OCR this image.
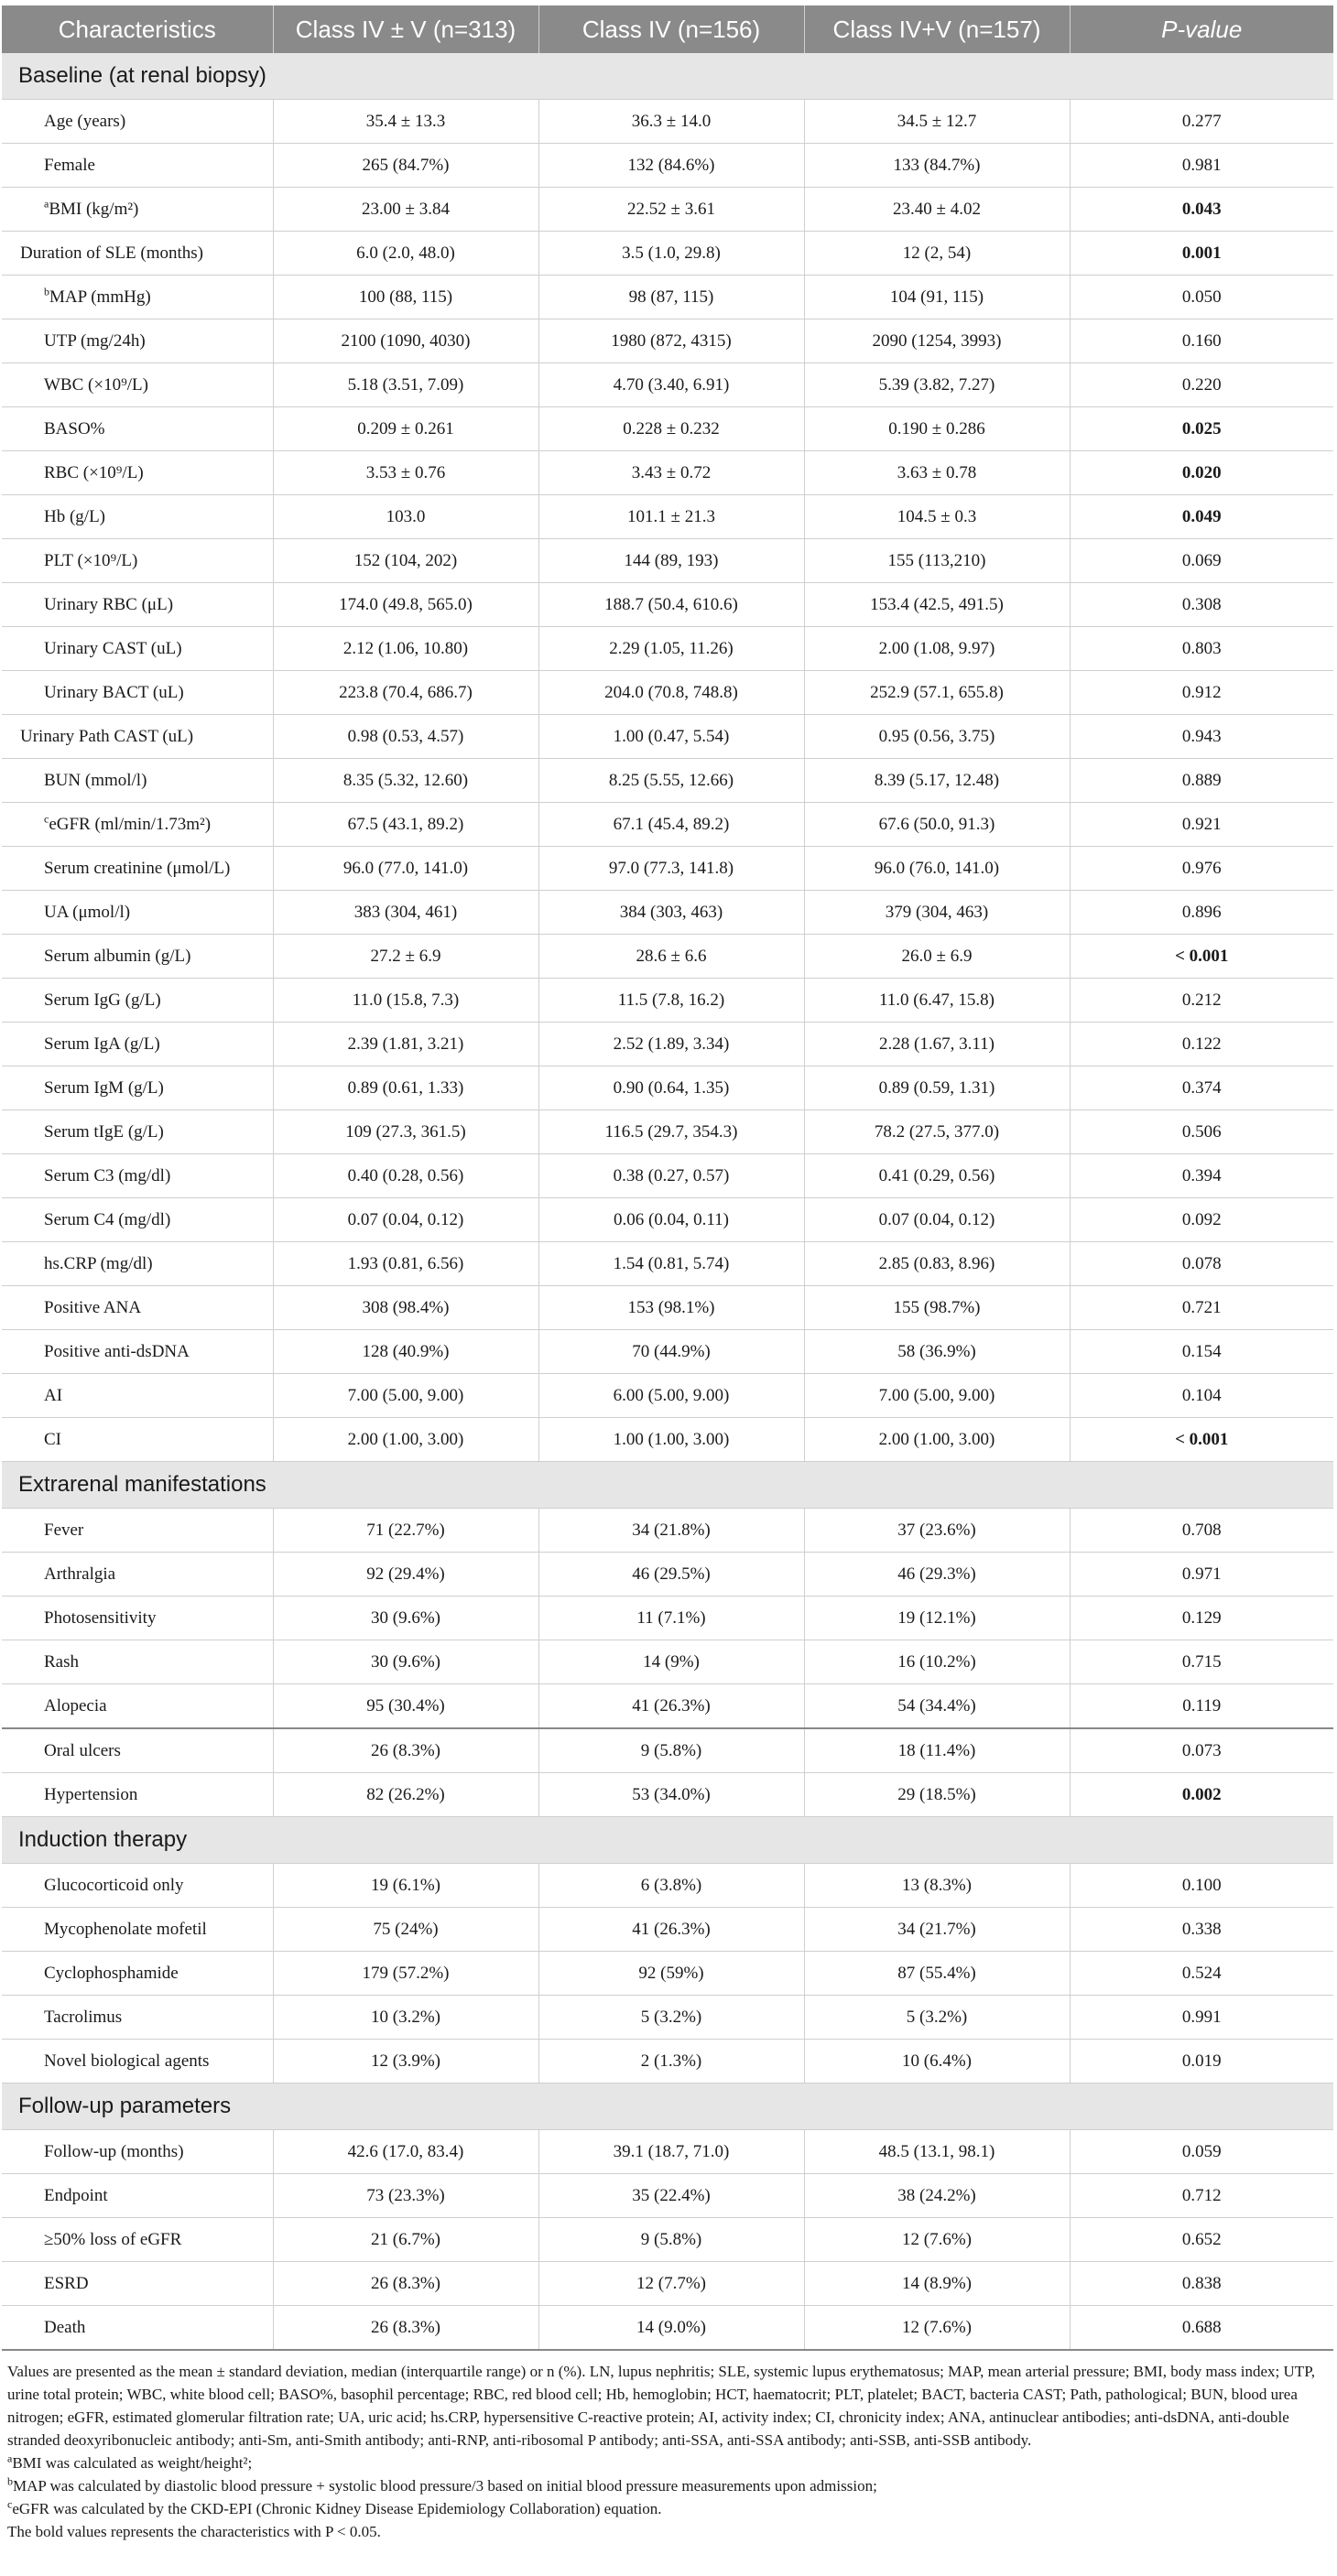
Characteristics	Class IV ± V (n=313)	Class IV (n=156)	Class IV+V (n=157)	P-value
Baseline (at renal biopsy)				
Age (years)	35.4 ± 13.3	36.3 ± 14.0	34.5 ± 12.7	0.277
Female	265 (84.7%)	132 (84.6%)	133 (84.7%)	0.981
$^a$BMI (kg/m²)	23.00 ± 3.84	22.52 ± 3.61	23.40 ± 4.02	0.043
Duration of SLE (months)	6.0 (2.0, 48.0)	3.5 (1.0, 29.8)	12 (2, 54)	0.001
$^b$MAP (mmHg)	100 (88, 115)	98 (87, 115)	104 (91, 115)	0.050
UTP (mg/24h)	2100 (1090, 4030)	1980 (872, 4315)	2090 (1254, 3993)	0.160
WBC (×10⁹/L)	5.18 (3.51, 7.09)	4.70 (3.40, 6.91)	5.39 (3.82, 7.27)	0.220
BASO%	0.209 ± 0.261	0.228 ± 0.232	0.190 ± 0.286	0.025
RBC (×10⁹/L)	3.53 ± 0.76	3.43 ± 0.72	3.63 ± 0.78	0.020
Hb (g/L)	103.0	101.1 ± 21.3	104.5 ± 0.3	0.049
PLT (×10⁹/L)	152 (104, 202)	144 (89, 193)	155 (113,210)	0.069
Urinary RBC (μL)	174.0 (49.8, 565.0)	188.7 (50.4, 610.6)	153.4 (42.5, 491.5)	0.308
Urinary CAST (uL)	2.12 (1.06, 10.80)	2.29 (1.05, 11.26)	2.00 (1.08, 9.97)	0.803
Urinary BACT (uL)	223.8 (70.4, 686.7)	204.0 (70.8, 748.8)	252.9 (57.1, 655.8)	0.912
Urinary Path CAST (uL)	0.98 (0.53, 4.57)	1.00 (0.47, 5.54)	0.95 (0.56, 3.75)	0.943
BUN (mmol/l)	8.35 (5.32, 12.60)	8.25 (5.55, 12.66)	8.39 (5.17, 12.48)	0.889
$^c$eGFR (ml/min/1.73m²)	67.5 (43.1, 89.2)	67.1 (45.4, 89.2)	67.6 (50.0, 91.3)	0.921
Serum creatinine (μmol/L)	96.0 (77.0, 141.0)	97.0 (77.3, 141.8)	96.0 (76.0, 141.0)	0.976
UA (μmol/l)	383 (304, 461)	384 (303, 463)	379 (304, 463)	0.896
Serum albumin (g/L)	27.2 ± 6.9	28.6 ± 6.6	26.0 ± 6.9	< 0.001
Serum IgG (g/L)	11.0 (15.8, 7.3)	11.5 (7.8, 16.2)	11.0 (6.47, 15.8)	0.212
Serum IgA (g/L)	2.39 (1.81, 3.21)	2.52 (1.89, 3.34)	2.28 (1.67, 3.11)	0.122
Serum IgM (g/L)	0.89 (0.61, 1.33)	0.90 (0.64, 1.35)	0.89 (0.59, 1.31)	0.374
Serum tIgE (g/L)	109 (27.3, 361.5)	116.5 (29.7, 354.3)	78.2 (27.5, 377.0)	0.506
Serum C3 (mg/dl)	0.40 (0.28, 0.56)	0.38 (0.27, 0.57)	0.41 (0.29, 0.56)	0.394
Serum C4 (mg/dl)	0.07 (0.04, 0.12)	0.06 (0.04, 0.11)	0.07 (0.04, 0.12)	0.092
hs.CRP (mg/dl)	1.93 (0.81, 6.56)	1.54 (0.81, 5.74)	2.85 (0.83, 8.96)	0.078
Positive ANA	308 (98.4%)	153 (98.1%)	155 (98.7%)	0.721
Positive anti-dsDNA	128 (40.9%)	70 (44.9%)	58 (36.9%)	0.154
AI	7.00 (5.00, 9.00)	6.00 (5.00, 9.00)	7.00 (5.00, 9.00)	0.104
CI	2.00 (1.00, 3.00)	1.00 (1.00, 3.00)	2.00 (1.00, 3.00)	< 0.001
Extrarenal manifestations				
Fever	71 (22.7%)	34 (21.8%)	37 (23.6%)	0.708
Arthralgia	92 (29.4%)	46 (29.5%)	46 (29.3%)	0.971
Photosensitivity	30 (9.6%)	11 (7.1%)	19 (12.1%)	0.129
Rash	30 (9.6%)	14 (9%)	16 (10.2%)	0.715
Alopecia	95 (30.4%)	41 (26.3%)	54 (34.4%)	0.119
Oral ulcers	26 (8.3%)	9 (5.8%)	18 (11.4%)	0.073
Hypertension	82 (26.2%)	53 (34.0%)	29 (18.5%)	0.002
Induction therapy				
Glucocorticoid only	19 (6.1%)	6 (3.8%)	13 (8.3%)	0.100
Mycophenolate mofetil	75 (24%)	41 (26.3%)	34 (21.7%)	0.338
Cyclophosphamide	179 (57.2%)	92 (59%)	87 (55.4%)	0.524
Tacrolimus	10 (3.2%)	5 (3.2%)	5 (3.2%)	0.991
Novel biological agents	12 (3.9%)	2 (1.3%)	10 (6.4%)	0.019
Follow-up parameters				
Follow-up (months)	42.6 (17.0, 83.4)	39.1 (18.7, 71.0)	48.5 (13.1, 98.1)	0.059
Endpoint	73 (23.3%)	35 (22.4%)	38 (24.2%)	0.712
≥50% loss of eGFR	21 (6.7%)	9 (5.8%)	12 (7.6%)	0.652
ESRD	26 (8.3%)	12 (7.7%)	14 (8.9%)	0.838
Death	26 (8.3%)	14 (9.0%)	12 (7.6%)	0.688

Values are presented as the mean ± standard deviation, median (interquartile range) or n (%). LN, lupus nephritis; SLE, systemic lupus erythematosus; MAP, mean arterial pressure; BMI, body mass index; UTP, urine total protein; WBC, white blood cell; BASO%, basophil percentage; RBC, red blood cell; Hb, hemoglobin; HCT, haematocrit; PLT, platelet; BACT, bacteria CAST; Path, pathological; BUN, blood urea nitrogen; eGFR, estimated glomerular filtration rate; UA, uric acid; hs.CRP, hypersensitive C-reactive protein; AI, activity index; CI, chronicity index; ANA, antinuclear antibodies; anti-dsDNA, anti-double stranded deoxyribonucleic antibody; anti-Sm, anti-Smith antibody; anti-RNP, anti-ribosomal P antibody; anti-SSA, anti-SSA antibody; anti-SSB, anti-SSB antibody.

$^a$BMI was calculated as weight/height²;

$^b$MAP was calculated by diastolic blood pressure + systolic blood pressure/3 based on initial blood pressure measurements upon admission;

$^c$eGFR was calculated by the CKD-EPI (Chronic Kidney Disease Epidemiology Collaboration) equation.

The bold values represents the characteristics with P < 0.05.
